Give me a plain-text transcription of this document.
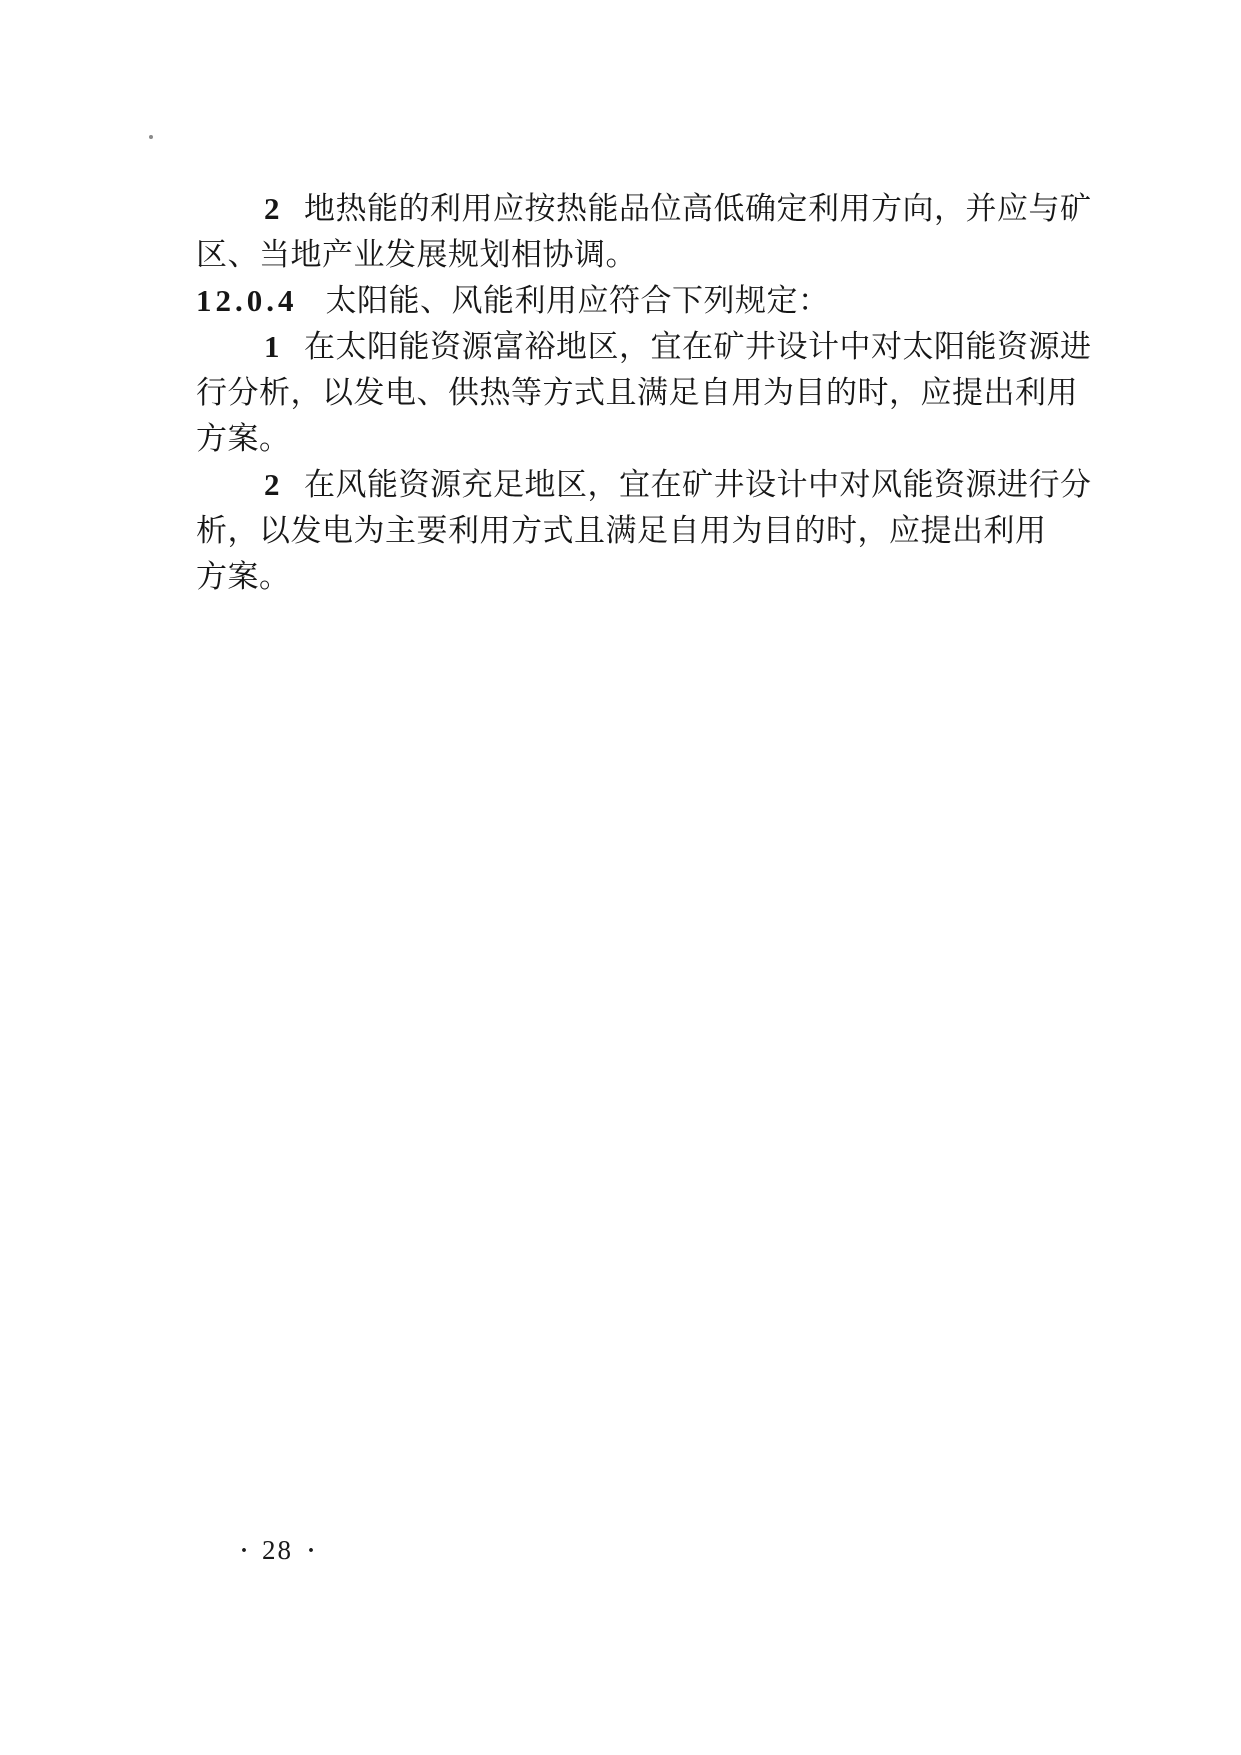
2 地热能的利用应按热能品位高低确定利用方向，并应与矿
区、当地产业发展规划相协调。
12.0.4 太阳能、风能利用应符合下列规定：
1 在太阳能资源富裕地区，宜在矿井设计中对太阳能资源进
行分析，以发电、供热等方式且满足自用为目的时，应提出利用
方案。
2 在风能资源充足地区，宜在矿井设计中对风能资源进行分
析，以发电为主要利用方式且满足自用为目的时，应提出利用
方案。
· 28 ·
